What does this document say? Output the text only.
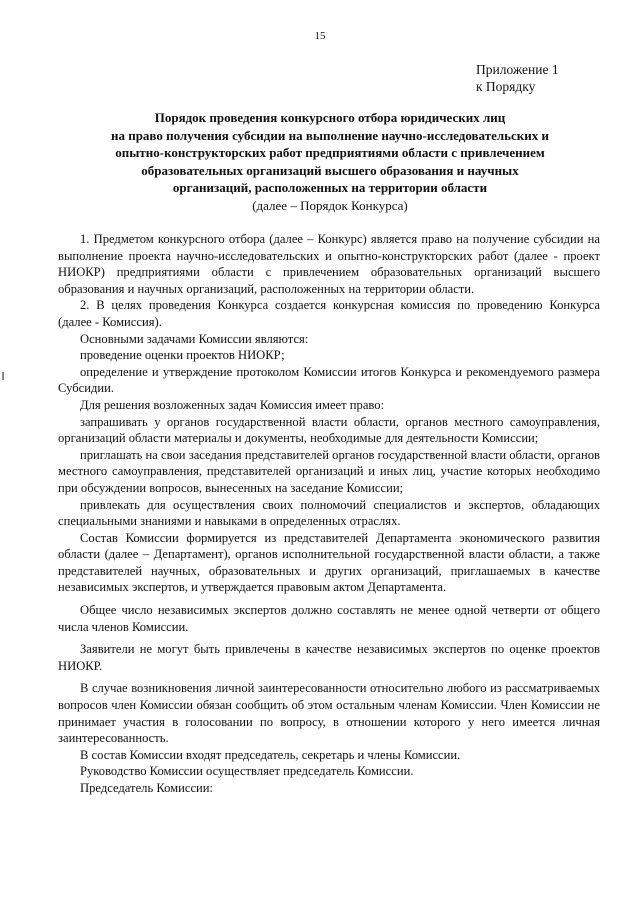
15
Приложение 1
к Порядку
Порядок проведения конкурсного отбора юридических лиц
на право получения субсидии на выполнение научно-исследовательских и
опытно-конструкторских работ предприятиями области с привлечением
образовательных организаций высшего образования и научных
организаций, расположенных на территории области
(далее – Порядок Конкурса)

1. Предметом конкурсного отбора (далее – Конкурс) является право на получение субсидии на выполнение проекта научно-исследовательских и опытно-конструкторских работ (далее - проект НИОКР) предприятиями области с привлечением образовательных организаций высшего образования и научных организаций, расположенных на территории области.

2. В целях проведения Конкурса создается конкурсная комиссия по проведению Конкурса (далее - Комиссия).

Основными задачами Комиссии являются:

проведение оценки проектов НИОКР;

определение и утверждение протоколом Комиссии итогов Конкурса и рекомендуемого размера Субсидии.

Для решения возложенных задач Комиссия имеет право:

запрашивать у органов государственной власти области, органов местного самоуправления, организаций области материалы и документы, необходимые для деятельности Комиссии;

приглашать на свои заседания представителей органов государственной власти области, органов местного самоуправления, представителей организаций и иных лиц, участие которых необходимо при обсуждении вопросов, вынесенных на заседание Комиссии;

привлекать для осуществления своих полномочий специалистов и экспертов, обладающих специальными знаниями и навыками в определенных отраслях.

Состав Комиссии формируется из представителей Департамента экономического развития области (далее – Департамент), органов исполнительной государственной власти области, а также представителей научных, образовательных и других организаций, приглашаемых в качестве независимых экспертов, и утверждается правовым актом Департамента.

Общее число независимых экспертов должно составлять не менее одной четверти от общего числа членов Комиссии.

Заявители не могут быть привлечены в качестве независимых экспертов по оценке проектов НИОКР.

В случае возникновения личной заинтересованности относительно любого из рассматриваемых вопросов член Комиссии обязан сообщить об этом остальным членам Комиссии. Член Комиссии не принимает участия в голосовании по вопросу, в отношении которого у него имеется личная заинтересованность.

В состав Комиссии входят председатель, секретарь и члены Комиссии.

Руководство Комиссии осуществляет председатель Комиссии.

Председатель Комиссии:
